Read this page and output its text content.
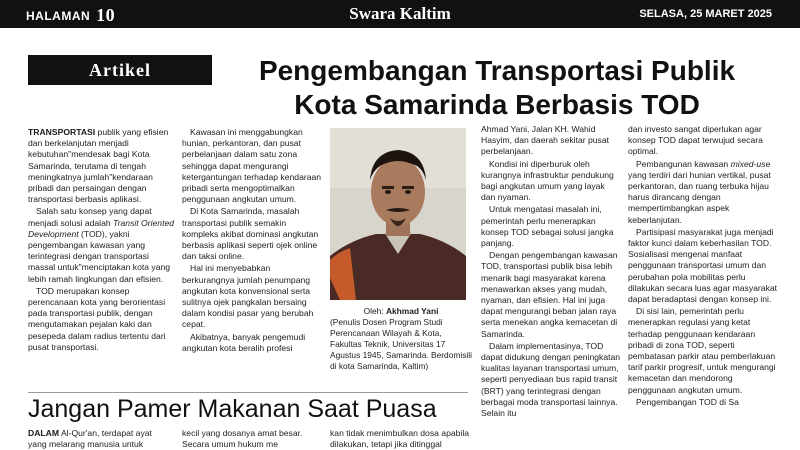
HALAMAN 10	Swara Kaltim	SELASA, 25 MARET 2025
Artikel	Pengembangan Transportasi Publik
Kota Samarinda Berbasis TOD

TRANSPORTASI publik yang efisien dan berkelanjutan menjadi kebutuhan"mendesak bagi Kota Samarinda, terutama di tengah meningkatnya jumlah"kendaraan pribadi dan persaingan dengan transportasi berbasis aplikasi.

Salah satu konsep yang dapat menjadi solusi adalah Transit Oriented Development (TOD), yakni pengembangan kawasan yang terintegrasi dengan transportasi massal untuk"menciptakan kota yang lebih ramah lingkungan dan efisien.

TOD merupakan konsep perencanaan kota yang berorientasi pada transportasi publik, dengan mengutamakan pejalan kaki dan pesepeda dalam radius tertentu dari pusat transportasi.

Kawasan ini menggabungkan hunian, perkantoran, dan pusat perbelanjaan dalam satu zona sehingga dapat mengurangi ketergantungan terhadap kendaraan pribadi serta mengoptimalkan penggunaan angkutan umum.

Di Kota Samarinda, masalah transportasi publik semakin kompleks akibat dominasi angkutan berbasis aplikasi seperti ojek online dan taksi online.

Hal ini menyebabkan berkurangnya jumlah penumpang angkutan kota konvensional serta sulitnya ojek pangkalan bersaing dalam kondisi pasar yang berubah cepat.

Akibatnya, banyak pengemudi angkutan kota beralih profesi

Oleh: Akhmad Yani
(Penulis Dosen Program Studi Perencanaan Wilayah & Kota, Fakultas Teknik, Universitas 17 Agustus 1945, Samarinda. Berdomisili di kota Samarinda, Kaltim)

Ahmad Yani, Jalan KH. Wahid Hasyim, dan daerah sekitar pusat perbelanjaan.

Kondisi ini diperburuk oleh kurangnya infrastruktur pendukung bagi angkutan umum yang layak dan nyaman.

Untuk mengatasi masalah ini, pemerintah perlu menerapkan konsep TOD sebagai solusi jangka panjang.

Dengan pengembangan kawasan TOD, transportasi publik bisa lebih menarik bagi masyarakat karena menawarkan akses yang mudah, nyaman, dan efisien. Hal ini juga dapat mengurangi beban jalan raya serta menekan angka kemacetan di Samarinda.

Dalam implementasinya, TOD dapat didukung dengan peningkatan kualitas layanan transportasi umum, seperti penyediaan bus rapid transit (BRT) yang terintegrasi dengan berbagai moda transportasi lainnya. Selain itu

dan investo sangat diperlukan agar konsep TOD dapat terwujud secara optimal.

Pembangunan kawasan mixed-use yang terdiri dari hunian vertikal, pusat perkantoran, dan ruang terbuka hijau harus dirancang dengan mempertimbangkan aspek keberlanjutan.

Partisipasi masyarakat juga menjadi faktor kunci dalam keberhasilan TOD. Sosialisasi mengenai manfaat penggunaan transportasi umum dan perubahan pola mobilitas perlu dilakukan secara luas agar masyarakat dapat beradaptasi dengan konsep ini.

Di sisi lain, pemerintah perlu menerapkan regulasi yang ketat terhadap penggunaan kendaraan pribadi di zona TOD, seperti pembatasan parkir atau pemberlakuan tarif parkir progresif, untuk mengurangi kemacetan dan mendorong penggunaan angkutan umum.

Pengembangan TOD di Sa

Jangan Pamer Makanan Saat Puasa

DALAM Al-Qur'an, terdapat ayat yang melarang manusia untuk

kecil yang dosanya amat besar. Secara umum hukum me

kan tidak menimbulkan dosa apabila dilakukan, tetapi jika ditinggal
